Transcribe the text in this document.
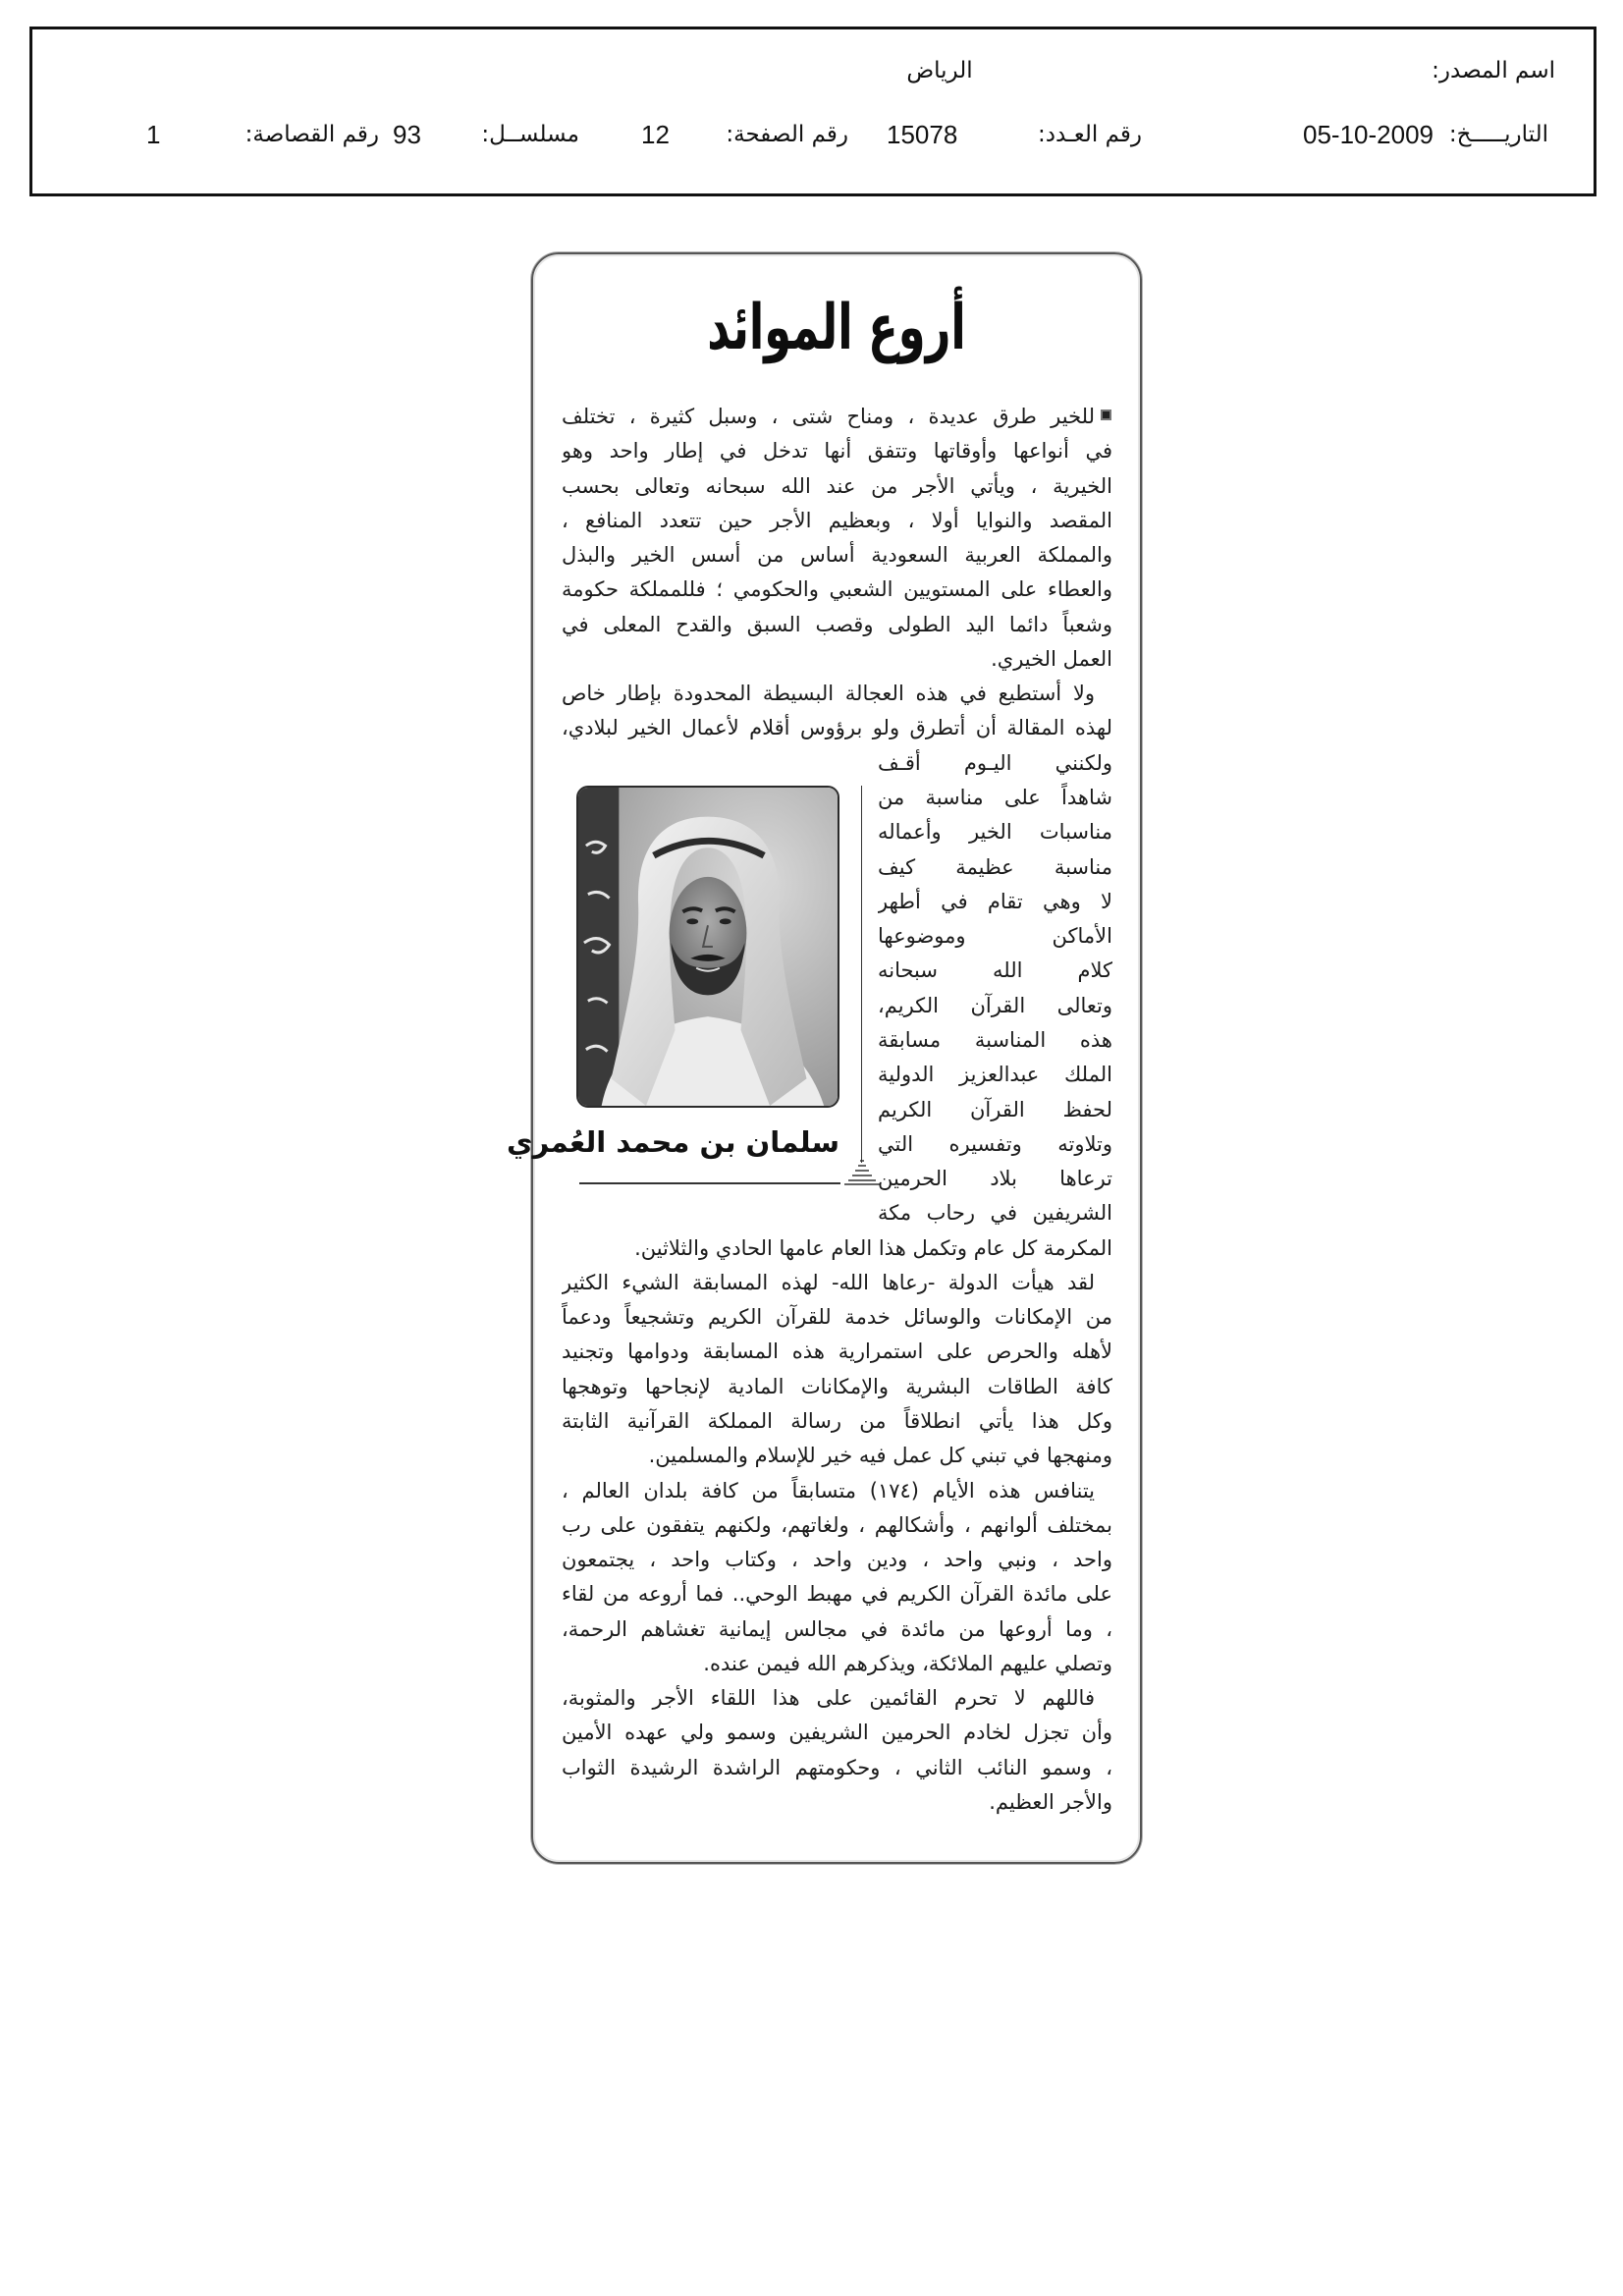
اسم المصدر:
الرياض
التاريـــــخ:
05-10-2009
رقم العـدد:
15078
رقم الصفحة:
12
مسلســل:
93
رقم القصاصة:
1
أروع الموائد
سلمان بن محمد العُمري
للخير طرق عديدة ، ومناح شتى ، وسبل كثيرة ، تختلف
في أنواعها وأوقاتها وتتفق أنها تدخل في إطار واحد وهو
الخيرية ، ويأتي الأجر من عند الله سبحانه وتعالى بحسب
المقصد والنوايا أولا ، وبعظيم الأجر حين تتعدد المنافع ،
والمملكة العربية السعودية أساس من أسس الخير والبذل
والعطاء على المستويين الشعبي والحكومي ؛ فللمملكة حكومة
وشعباً دائما اليد الطولى وقصب السبق والقدح المعلى في
العمل الخيري.
ولا أستطيع في هذه العجالة البسيطة المحدودة بإطار خاص
لهذه المقالة أن أتطرق ولو برؤوس أقلام لأعمال الخير لبلادي،
ولكنني اليـوم أقـف
شاهداً على مناسبة من
مناسبات الخير وأعماله
مناسبة عظيمة كيف
لا وهي تقام في أطهر
الأماكن وموضوعها
كلام الله سبحانه
وتعالى القرآن الكريم،
هذه المناسبة مسابقة
الملك عبدالعزيز الدولية
لحفظ القرآن الكريم
وتلاوته وتفسيره التي
ترعاها بلاد الحرمين
الشريفين في رحاب مكة
المكرمة كل عام وتكمل هذا العام عامها الحادي والثلاثين.
لقد هيأت الدولة -رعاها الله- لهذه المسابقة الشيء الكثير
من الإمكانات والوسائل خدمة للقرآن الكريم وتشجيعاً ودعماً
لأهله والحرص على استمرارية هذه المسابقة ودوامها وتجنيد
كافة الطاقات البشرية والإمكانات المادية لإنجاحها وتوهجها
وكل هذا يأتي انطلاقاً من رسالة المملكة القرآنية الثابتة
ومنهجها في تبني كل عمل فيه خير للإسلام والمسلمين.
يتنافس هذه الأيام (١٧٤) متسابقاً من كافة بلدان العالم ،
بمختلف ألوانهم ، وأشكالهم ، ولغاتهم، ولكنهم يتفقون على رب
واحد ، ونبي واحد ، ودين واحد ، وكتاب واحد ، يجتمعون
على مائدة القرآن الكريم في مهبط الوحي.. فما أروعه من لقاء
، وما أروعها من مائدة في مجالس إيمانية تغشاهم الرحمة،
وتصلي عليهم الملائكة، ويذكرهم الله فيمن عنده.
فاللهم لا تحرم القائمين على هذا اللقاء الأجر والمثوبة،
وأن تجزل لخادم الحرمين الشريفين وسمو ولي عهده الأمين
، وسمو النائب الثاني ، وحكومتهم الراشدة الرشيدة الثواب
والأجر العظيم.
